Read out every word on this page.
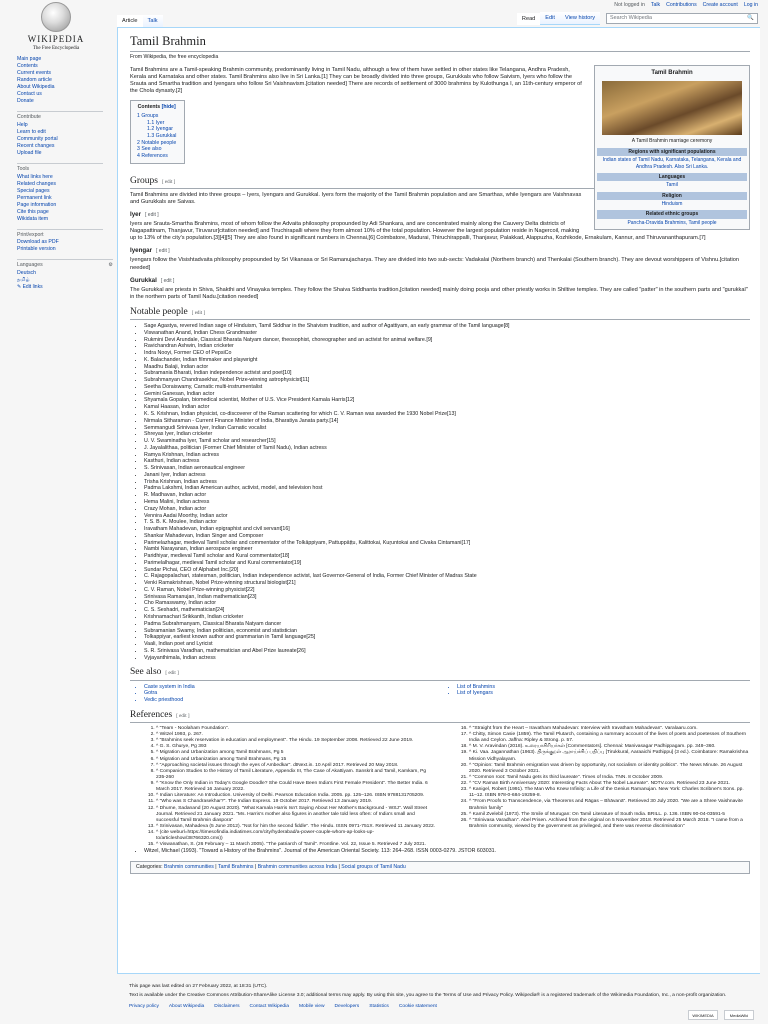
WIKIPEDIA
The Free Encyclopedia
Not logged in Talk Contributions Create account Log in
Article	Talk	Read	Edit	View history	Search Wikipedia	🔍
Main page
Contents
Current events
Random article
About Wikipedia
Contact us
Donate
Contribute
Help
Learn to edit
Community portal
Recent changes
Upload file
Tools
What links here
Related changes
Special pages
Permanent link
Page information
Cite this page
Wikidata item
Print/export
Download as PDF
Printable version
Languages	⚙
Deutsch
தமிழ்
✎ Edit links
Tamil Brahmin
From Wikipedia, the free encyclopedia
Tamil Brahmin
A Tamil Brahmin marriage ceremony
Regions with significant populations
Indian states of Tamil Nadu, Karnataka, Telangana, Kerala and Andhra Pradesh. Also Sri Lanka.
Languages
Tamil
Religion
Hinduism
Related ethnic groups
Pancha-Dravida Brahmins, Tamil people

Tamil Brahmins are a Tamil-speaking Brahmin community, predominantly living in Tamil Nadu, although a few of them have settled in other states like Telangana, Andhra Pradesh, Kerala and Karnataka and other states. Tamil Brahmins also live in Sri Lanka.[1] They can be broadly divided into three groups, Gurukkals who follow Saivism, Iyers who follow the Srauta and Smartha tradition and Iyengars who follow Sri Vaishnavism.[citation needed] There are records of settlement of 3000 brahmins by Kulothunga I, an 11th-century emperor of the Chola dynasty.[2]

Contents [hide]
1 Groups
1.1 Iyer
1.2 Iyengar
1.3 Gurukkal
2 Notable people
3 See also
4 References
Groups [ edit ]

Tamil Brahmins are divided into three groups – Iyers, Iyengars and Gurukkal. Iyers form the majority of the Tamil Brahmin population and are Smarthas, while Iyengars are Vaishnavas and Gurukkals are Saivas.

Iyer [ edit ]

Iyers are Srauta-Smartha Brahmins, most of whom follow the Advaita philosophy propounded by Adi Shankara, and are concentrated mainly along the Cauvery Delta districts of Nagapattinam, Thanjavur, Tiruvarur[citation needed] and Tiruchirapalli where they form almost 10% of the total population. However the largest population reside in Nagercoil, making up to 13% of the city's population.[3][4][5] They are also found in significant numbers in Chennai,[6] Coimbatore, Madurai, Thiruchirappalli, Thanjavur, Palakkad, Alappuzha, Kozhikode, Ernakulam, Kannur, and Thiruvananthapuram.[7]

Iyengar [ edit ]

Iyengars follow the Visishtadvaita philosophy propounded by Sri Vikanasa or Sri Ramanujacharya. They are divided into two sub-sects: Vadakalai (Northern branch) and Thenkalai (Southern branch). They are devout worshippers of Vishnu.[citation needed]

Gurukkal [ edit ]

The Gurukkal are priests in Shiva, Shakthi and Vinayaka temples. They follow the Shaiva Siddhanta tradition,[citation needed] mainly doing pooja and other priestly works in Shiltive temples. They are called "patter" in the southern parts and "gurukkal" in the northern parts of Tamil Nadu.[citation needed]

Notable people [ edit ]
• Sage Agastya, revered Indian sage of Hinduism, Tamil Siddhar in the Shaivism tradition, and author of Agattiyam, an early grammar of the Tamil language[8]
• Viswanathan Anand, Indian Chess Grandmaster
• Rukmini Devi Arundale, Classical Bharata Natyam dancer, theosophist, choreographer and an activist for animal welfare.[9]
• Ravichandran Ashwin, Indian cricketer
• Indra Nooyi, Former CEO of PepsiCo
• K. Balachander, Indian filmmaker and playwright
• Maadhu Balaji, Indian actor
• Subramania Bharati, Indian independence activist and poet[10]
• Subrahmanyan Chandrasekhar, Nobel Prize-winning astrophysicist[11]
• Seetha Doraiswamy, Carnatic multi-instrumentalist
• Gemini Ganesan, Indian actor
• Shyamala Gopalan, biomedical scientist, Mother of U.S. Vice President Kamala Harris[12]
• Kamal Haasan, Indian actor
• K. S. Krishnan, Indian physicist, co-discoverer of the Raman scattering for which C. V. Raman was awarded the 1930 Nobel Prize[13]
• Nirmala Sitharaman - Current Finance Minister of India, Bharatiya Janata party.[14]
• Semmangudi Srinivasa Iyer, Indian Carnatic vocalist
• Shreyas Iyer, Indian cricketer
• U. V. Swaminatha Iyer, Tamil scholar and researcher[15]
• J. Jayalalithaa, politician (Former Chief Minister of Tamil Nadu), Indian actress
• Ramya Krishnan, Indian actress
• Kasthuri, Indian actress
• S. Srinivasan, Indian aeronautical engineer
• Janani Iyer, Indian actress
• Trisha Krishnan, Indian actress
• Padma Lakshmi, Indian American author, activist, model, and television host
• R. Madhavan, Indian actor
• Hema Malini, Indian actress
• Crazy Mohan, Indian actor
• Vennira Aadai Moorthy, Indian actor
• T. S. B. K. Moulee, Indian actor
• Iravatham Mahadevan, Indian epigraphist and civil servant[16]
• Shankar Mahadevan, Indian Singer and Composer
• Parimelazhagar, medieval Tamil scholar and commentator of the Tolkāppiyam, Pattuppāṭṭu, Kalittokai, Kuṟuntokai and Civaka Cintamani[17]
• Nambi Narayanan, Indian aerospace engineer
• Paridhiyar, medieval Tamil scholar and Kural commentator[18]
• Parimelalhagar, medieval Tamil scholar and Kural commentator[19]
• Sundar Pichai, CEO of Alphabet Inc.[20]
• C. Rajagopalachari, statesman, politician, Indian independence activist, last Governor-General of India, Former Chief Minister of Madras State
• Venki Ramakrishnan, Nobel Prize-winning structural biologist[21]
• C. V. Raman, Nobel Prize-winning physicist[22]
• Srinivasa Ramanujan, Indian mathematician[23]
• Cho Ramaswamy, Indian actor
• C. S. Seshadri, mathematician[24]
• Krishnamachari Srikkanth, Indian cricketer
• Padma Subrahmanyam, Classical Bharata Natyam dancer
• Subramanian Swamy, Indian politician, economist and statistician
• Tolkappiyar, earliest known author and grammarian in Tamil language[25]
• Vaali, Indian poet and Lyricist
• S. R. Srinivasa Varadhan, mathematician and Abel Prize laureate[26]
• Vyjayanthimala, Indian actress
See also [ edit ]
• Caste system in India
• Gotra
• Vedic priesthood
• List of Brahmins
• List of Iyengars
References [ edit ]
1. ^ "Team - Noolaham Foundation".
2. ^ Witzel 1993, p. 267.
3. ^ "Brahmins seek reservation in education and employment". The Hindu. 19 September 2008. Retrieved 22 June 2019.
4. ^ G. S. Ghurye, Pg 393
5. ^ Migration and Urbanization among Tamil Brahmans, Pg 5
6. ^ Migration and Urbanization among Tamil Brahmans, Pg 15
7. ^ "Approaching societal issues through the eyes of Ambedkar". dtNext.in. 10 April 2017. Retrieved 20 May 2018.
8. ^ Companion Studies to the History of Tamil Literature, Appendix III, The Case of Akattiyam. Sanskrit and Tamil, Kamkam, Pg 235-260
9. ^ "Know the Only Indian in Today's Google Doodle? She Could Have Been India's First Female President". The Better India. 6 March 2017. Retrieved 16 January 2022.
10. ^ Indian Literature: An Introduction. University of Delhi. Pearson Education India. 2005. pp. 125–126. ISBN 9788131705209.
11. ^ "Who was S Chandrasekhar?". The Indian Express. 19 October 2017. Retrieved 13 January 2019.
12. ^ Dhume, Sadanand (20 August 2020). "What Kamala Harris Isn't Saying About Her Mother's Background - WSJ". Wall Street Journal. Retrieved 21 January 2021. "Ms. Harris's mother also figures in another tale told less often: of India's small and successful Tamil Brahmin diaspora"
13. ^ Srinivasan, Mahadeva (5 June 2012). "Not for him the second fiddle". The Hindu. ISSN 0971-751X. Retrieved 11 January 2022.
14. ^ (cite weburl=https://timesofindia.indiatimes.com/city/hyderabad/a-power-couple-whom-ap-looks-up-to/articleshow/38766320.cms))
15. ^ Viswanathan, S. (26 February – 11 March 2005). "The patriarch of Tamil". Frontline. Vol. 22, Issue 5. Retrieved 7 July 2021.
16. ^ "Straight from the Heart – Iravatham Mahadevan: Interview with Iravatham Mahadevan". Varalaaru.com.
17. ^ Chitty, Simon Casie (1859). The Tamil Plutarch, containing a summary account of the lives of poets and poetesses of Southern India and Ceylon. Jaffna: Ripley & Strong. p. 57.
18. ^ M. V. Aravindan (2018). உரையாசிரியர்கள் [Commentators]. Chennai: Manivasagar Padhippagam. pp. 348–360.
19. ^ Ki. Vaa. Jagannathan (1963). திருக்குறள் ஆராய்ச்சிப் பதிப்பு [Tirukkural, Aaraaichi Pathippu] (3 ed.). Coimbatore: Ramakrishna Mission Vidhyalayam.
20. ^ "Opinion: Tamil Brahmin emigration was driven by opportunity, not socialism or identity politics". The News Minute. 26 August 2020. Retrieved 3 October 2021.
21. ^ "Common root: Tamil Nadu gets its third laureate". Times of India. TNN. 8 October 2009.
22. ^ "CV Raman Birth Anniversary 2020: Interesting Facts About The Nobel Laureate". NDTV.com. Retrieved 23 June 2021.
23. ^ Kanigel, Robert (1991). The Man Who Knew Infinity: a Life of the Genius Ramanujan. New York: Charles Scribner's Sons. pp. 11–12. ISBN 978-0-684-19259-8.
24. ^ "From Proofs to Transcendence, via Theorems and Rāgas – Bhāvanā". Retrieved 30 July 2020. "We are a Shree Vaishnavite Brahmin family"
25. ^ Kamil Zvelebil (1973). The Smile of Murugan: On Tamil Literature of South India. BRILL. p. 136. ISBN 90-04-03591-5
26. ^ "Srinivasa Varadhan". Abel Prisen. Archived from the original on 5 November 2018. Retrieved 25 March 2018. "I came from a Brahmin community, viewed by the government as privileged, and there was reverse discrimination"
• Witzel, Michael (1993). "Toward a History of the Brahmins". Journal of the American Oriental Society. 113: 264–268. ISSN 0003-0279. JSTOR 603031.
Categories: Brahmin communities | Tamil Brahmins | Brahmin communities across India | Social groups of Tamil Nadu
This page was last edited on 27 February 2022, at 18:31 (UTC).
Text is available under the Creative Commons Attribution-ShareAlike License 3.0; additional terms may apply. By using this site, you agree to the Terms of Use and Privacy Policy. Wikipedia® is a registered trademark of the Wikimedia Foundation, Inc., a non-profit organization.
Privacy policy About Wikipedia Disclaimers Contact Wikipedia Mobile view Developers Statistics Cookie statement
WIKIMEDIA	MediaWiki
